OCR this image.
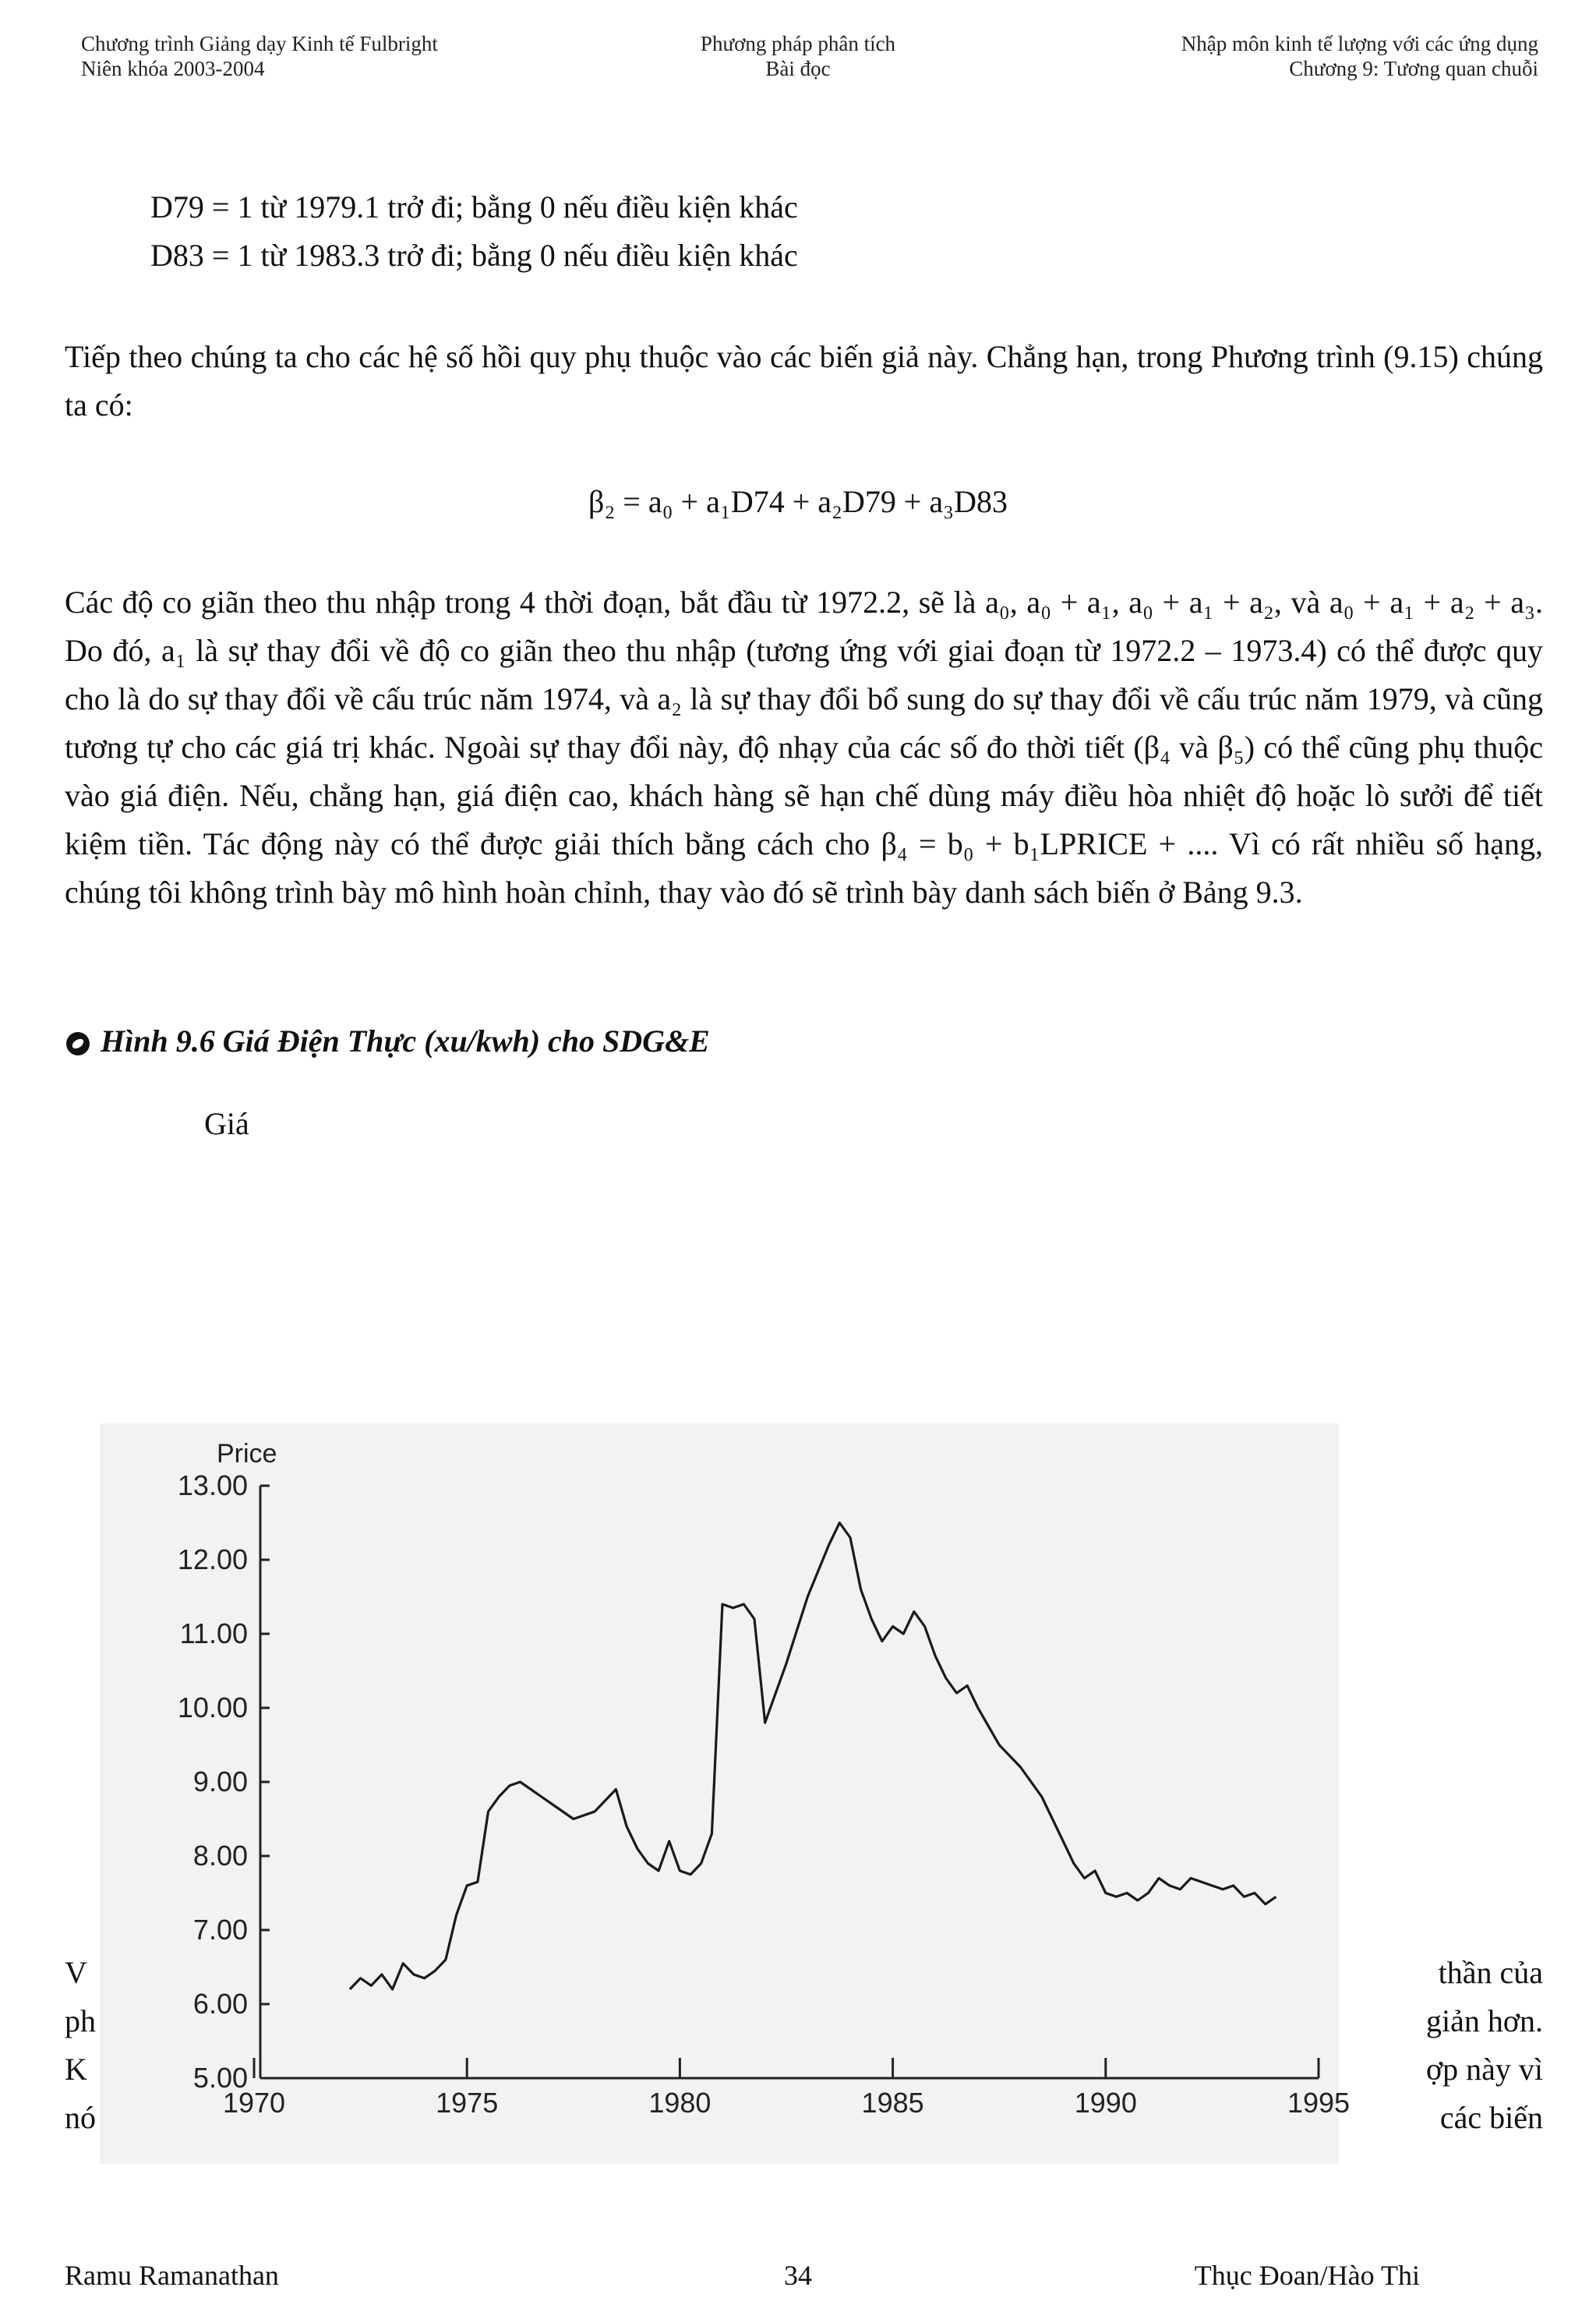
Chương trình Giảng dạy Kinh tế Fulbright
Niên khóa 2003-2004
Phương pháp phân tích
Bài đọc
Nhập môn kinh tế lượng với các ứng dụng
Chương 9: Tương quan chuỗi
D79 = 1 từ 1979.1 trở đi; bằng 0 nếu điều kiện khác
D83 = 1 từ 1983.3 trở đi; bằng 0 nếu điều kiện khác
Tiếp theo chúng ta cho các hệ số hồi quy phụ thuộc vào các biến giả này. Chẳng hạn, trong Phương trình (9.15) chúng ta có:
β₂ = a₀ + a₁D74 + a₂D79 + a₃D83
Các độ co giãn theo thu nhập trong 4 thời đoạn, bắt đầu từ 1972.2, sẽ là a₀, a₀ + a₁, a₀ + a₁ + a₂, và a₀ + a₁ + a₂ + a₃. Do đó, a₁ là sự thay đổi về độ co giãn theo thu nhập (tương ứng với giai đoạn từ 1972.2 – 1973.4) có thể được quy cho là do sự thay đổi về cấu trúc năm 1974, và a₂ là sự thay đổi bổ sung do sự thay đổi về cấu trúc năm 1979, và cũng tương tự cho các giá trị khác. Ngoài sự thay đổi này, độ nhạy của các số đo thời tiết (β₄ và β₅) có thể cũng phụ thuộc vào giá điện. Nếu, chẳng hạn, giá điện cao, khách hàng sẽ hạn chế dùng máy điều hòa nhiệt độ hoặc lò sưởi để tiết kiệm tiền. Tác động này có thể được giải thích bằng cách cho β₄ = b₀ + b₁LPRICE + .... Vì có rất nhiều số hạng, chúng tôi không trình bày mô hình hoàn chỉnh, thay vào đó sẽ trình bày danh sách biến ở Bảng 9.3.
Hình 9.6 Giá Điện Thực (xu/kwh) cho SDG&E
Giá
V
ph
K
nó
thần của
giản hơn.
ợp này vì
các biến
Price
5.00
6.00
7.00
8.00
9.00
10.00
11.00
12.00
13.00
1970	1975	1980	1985	1990	1995
Ramu Ramanathan	34	Thục Đoan/Hào Thi
